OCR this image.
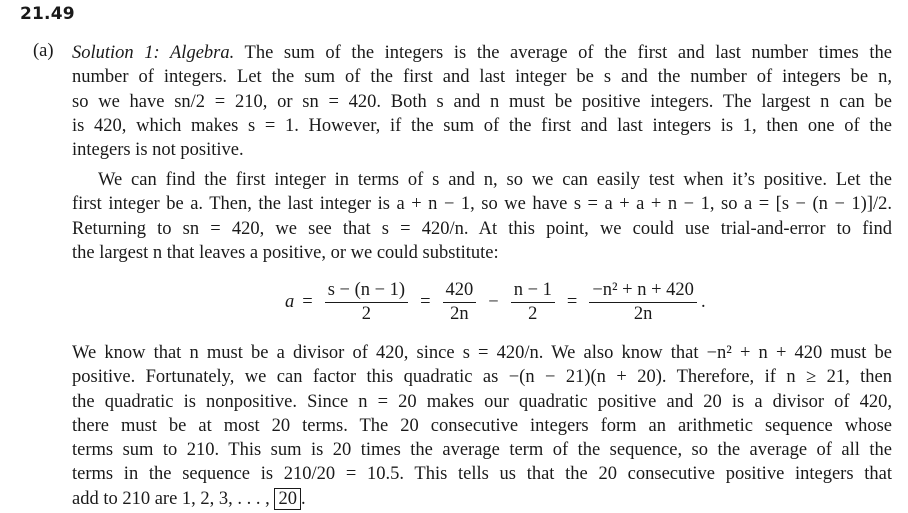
21.49
(a) Solution 1: Algebra. The sum of the integers is the average of the first and last number times the
number of integers. Let the sum of the first and last integer be s and the number of integers be n,
so we have sn/2 = 210, or sn = 420. Both s and n must be positive integers. The largest n can be
is 420, which makes s = 1. However, if the sum of the first and last integers is 1, then one of the
integers is not positive.
We can find the first integer in terms of s and n, so we can easily test when it’s positive. Let the
first integer be a. Then, the last integer is a + n − 1, so we have s = a + a + n − 1, so a = [s − (n − 1)]/2.
Returning to sn = 420, we see that s = 420/n. At this point, we could use trial-and-error to find
the largest n that leaves a positive, or we could substitute:
$a = \frac{s - (n - 1)}{2} = \frac{420}{2n} - \frac{n - 1}{2} = \frac{\text{−n² + n + 420}}{2n}$ .
We know that n must be a divisor of 420, since s = 420/n. We also know that −n² + n + 420 must be
positive. Fortunately, we can factor this quadratic as −(n − 21)(n + 20). Therefore, if n ≥ 21, then
the quadratic is nonpositive. Since n = 20 makes our quadratic positive and 20 is a divisor of 420,
there must be at most 20 terms. The 20 consecutive integers form an arithmetic sequence whose
terms sum to 210. This sum is 20 times the average term of the sequence, so the average of all the
terms in the sequence is 210/20 = 10.5. This tells us that the 20 consecutive positive integers that
add to 210 are 1, 2, 3, . . . , 20 .
